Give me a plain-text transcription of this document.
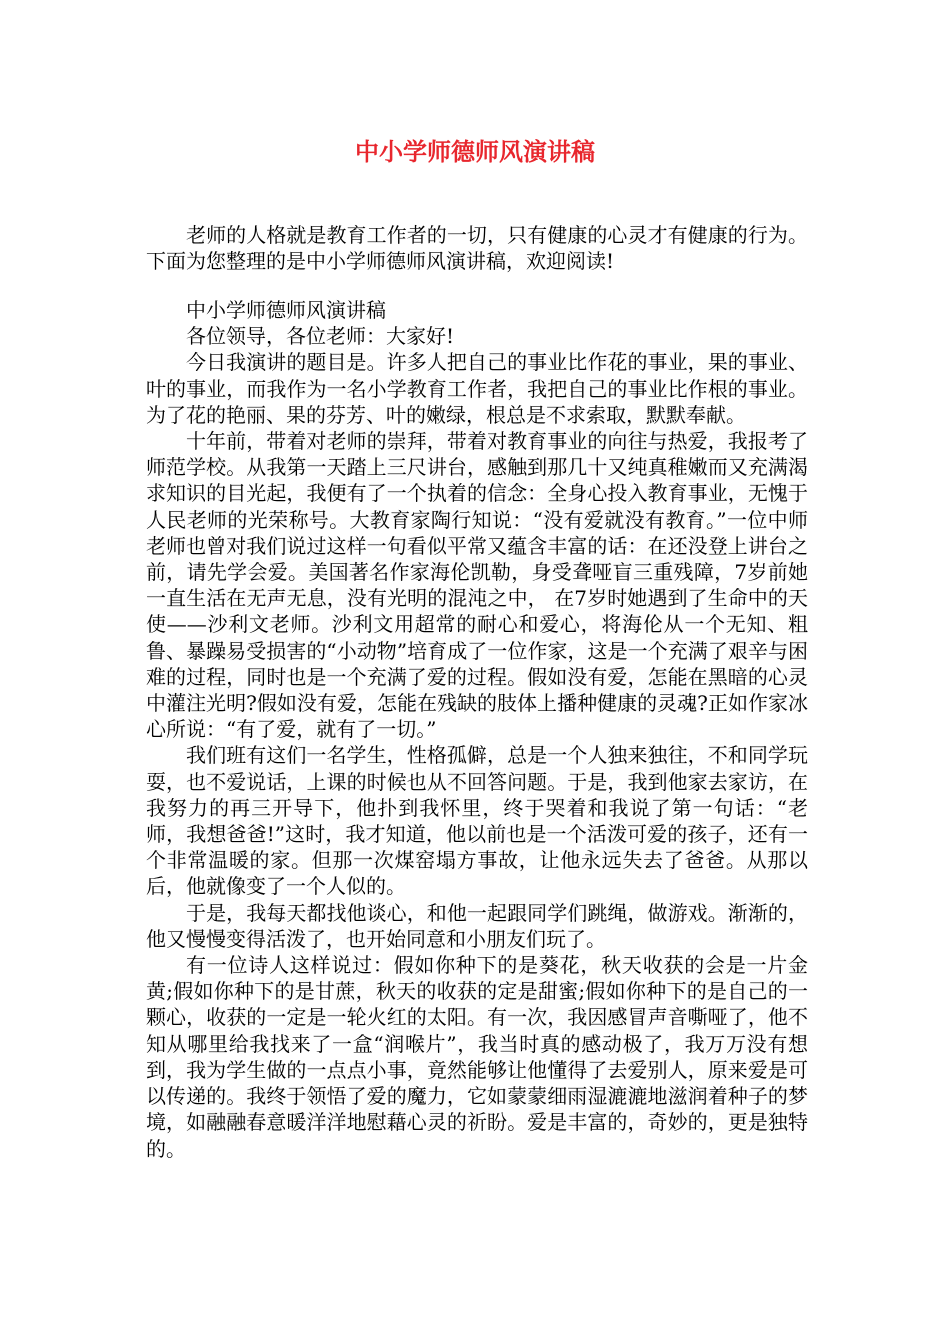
中小学师德师风演讲稿

老师的人格就是教育工作者的一切，只有健康的心灵才有健康的行为。下面为您整理的是中小学师德师风演讲稿，欢迎阅读!

中小学师德师风演讲稿

各位领导，各位老师：大家好!

今日我演讲的题目是。许多人把自己的事业比作花的事业，果的事业、叶的事业，而我作为一名小学教育工作者，我把自己的事业比作根的事业。为了花的艳丽、果的芬芳、叶的嫩绿，根总是不求索取，默默奉献。

十年前，带着对老师的崇拜，带着对教育事业的向往与热爱，我报考了师范学校。从我第一天踏上三尺讲台，感触到那几十又纯真稚嫩而又充满渴求知识的目光起，我便有了一个执着的信念：全身心投入教育事业，无愧于人民老师的光荣称号。大教育家陶行知说：“没有爱就没有教育。”一位中师老师也曾对我们说过这样一句看似平常又蕴含丰富的话：在还没登上讲台之前，请先学会爱。美国著名作家海伦凯勒，身受聋哑盲三重残障，7岁前她一直生活在无声无息，没有光明的混沌之中， 在7岁时她遇到了生命中的天使——沙利文老师。沙利文用超常的耐心和爱心，将海伦从一个无知、粗鲁、暴躁易受损害的“小动物”培育成了一位作家，这是一个充满了艰辛与困难的过程，同时也是一个充满了爱的过程。假如没有爱，怎能在黑暗的心灵中灌注光明?假如没有爱，怎能在残缺的肢体上播种健康的灵魂?正如作家冰心所说：“有了爱，就有了一切。”

我们班有这们一名学生，性格孤僻，总是一个人独来独往，不和同学玩耍，也不爱说话，上课的时候也从不回答问题。于是，我到他家去家访，在我努力的再三开导下，他扑到我怀里，终于哭着和我说了第一句话：“老师，我想爸爸!”这时，我才知道，他以前也是一个活泼可爱的孩子，还有一个非常温暖的家。但那一次煤窑塌方事故，让他永远失去了爸爸。从那以后，他就像变了一个人似的。

于是，我每天都找他谈心，和他一起跟同学们跳绳，做游戏。渐渐的，他又慢慢变得活泼了，也开始同意和小朋友们玩了。

有一位诗人这样说过：假如你种下的是葵花，秋天收获的会是一片金黄;假如你种下的是甘蔗，秋天的收获的定是甜蜜;假如你种下的是自己的一颗心，收获的一定是一轮火红的太阳。有一次，我因感冒声音嘶哑了，他不知从哪里给我找来了一盒“润喉片”，我当时真的感动极了，我万万没有想到，我为学生做的一点点小事，竟然能够让他懂得了去爱别人，原来爱是可以传递的。我终于领悟了爱的魔力，它如蒙蒙细雨湿漉漉地滋润着种子的梦境，如融融春意暖洋洋地慰藉心灵的祈盼。爱是丰富的，奇妙的，更是独特的。
